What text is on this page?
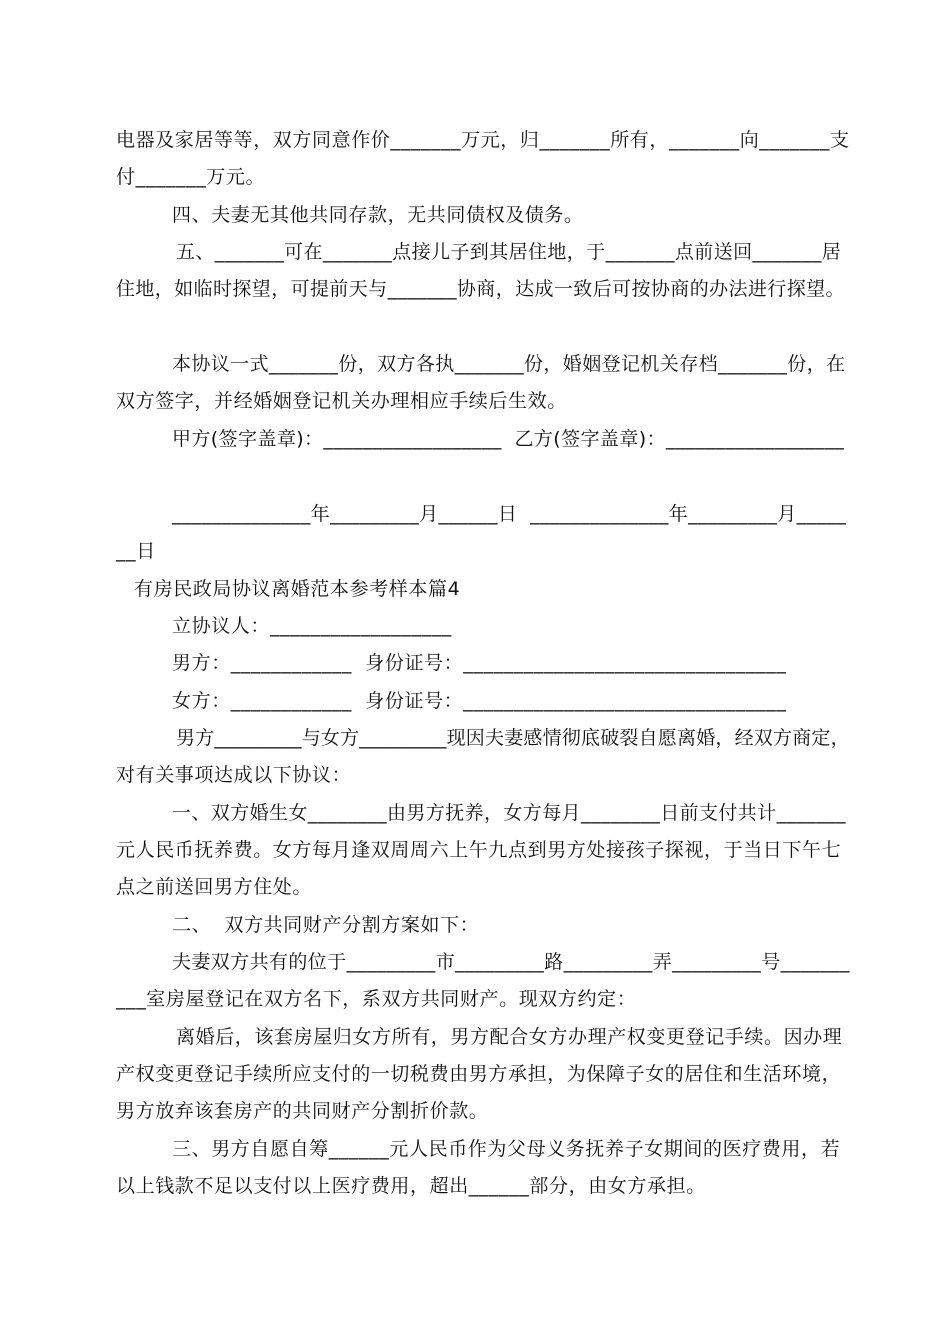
电器及家居等等，双方同意作价_______万元，归_______所有，_______向_______支
付_______万元。
四、夫妻无其他共同存款，无共同债权及债务。
五、_______可在_______点接儿子到其居住地，于_______点前送回_______居
住地，如临时探望，可提前天与_______协商，达成一致后可按协商的办法进行探望。
本协议一式_______份，双方各执_______份，婚姻登记机关存档_______份，在
双方签字，并经婚姻登记机关办理相应手续后生效。
甲方(签字盖章)：__________________  乙方(签字盖章)：__________________
______________年_________月______日  ______________年_________月_____
__日
有房民政局协议离婚范本参考样本篇4
立协议人：__________________
男方：____________  身份证号：________________________________
女方：____________  身份证号：________________________________
男方_________与女方_________现因夫妻感情彻底破裂自愿离婚，经双方商定，
对有关事项达成以下协议：
一、双方婚生女________由男方抚养，女方每月________日前支付共计_______
元人民币抚养费。女方每月逢双周周六上午九点到男方处接孩子探视，于当日下午七
点之前送回男方住处。
二、  双方共同财产分割方案如下：
夫妻双方共有的位于_________市_________路_________弄_________号_______
___室房屋登记在双方名下，系双方共同财产。现双方约定：
离婚后，该套房屋归女方所有，男方配合女方办理产权变更登记手续。因办理
产权变更登记手续所应支付的一切税费由男方承担，为保障子女的居住和生活环境，
男方放弃该套房产的共同财产分割折价款。
三、男方自愿自筹______元人民币作为父母义务抚养子女期间的医疗费用，若
以上钱款不足以支付以上医疗费用，超出______部分，由女方承担。
